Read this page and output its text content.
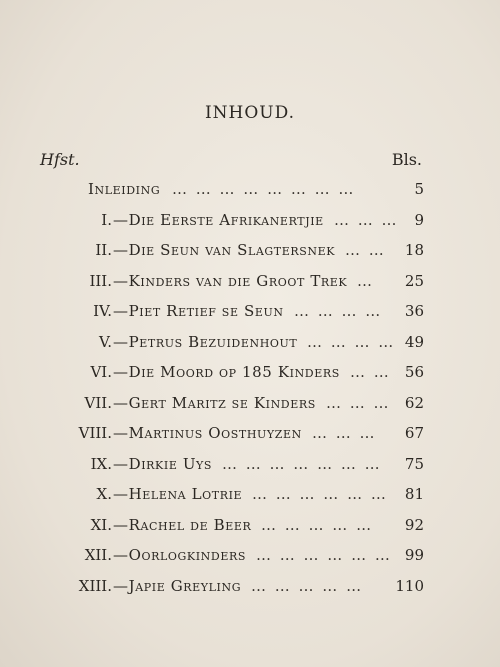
INHOUD.
Hfst.	Bls.
Inleiding … … … … … … … …	5
I. —Die Eerste Afrikanertjie … … … 9
II. —Die Seun van Slagtersnek … … 18
III. —Kinders van die Groot Trek … 25
IV. —Piet Retief se Seun … … … … 36
V. —Petrus Bezuidenhout … … … … 49
VI. —Die Moord op 185 Kinders … … 56
VII. —Gert Maritz se Kinders … … … 62
VIII. —Martinus Oosthuyzen … … … 67
IX. —Dirkie Uys … … … … … … … 75
X. —Helena Lotrie … … … … … … 81
XI. —Rachel de Beer … … … … … 92
XII. —Oorlogkinders … … … … … … 99
XIII. —Japie Greyling … … … … … 110
